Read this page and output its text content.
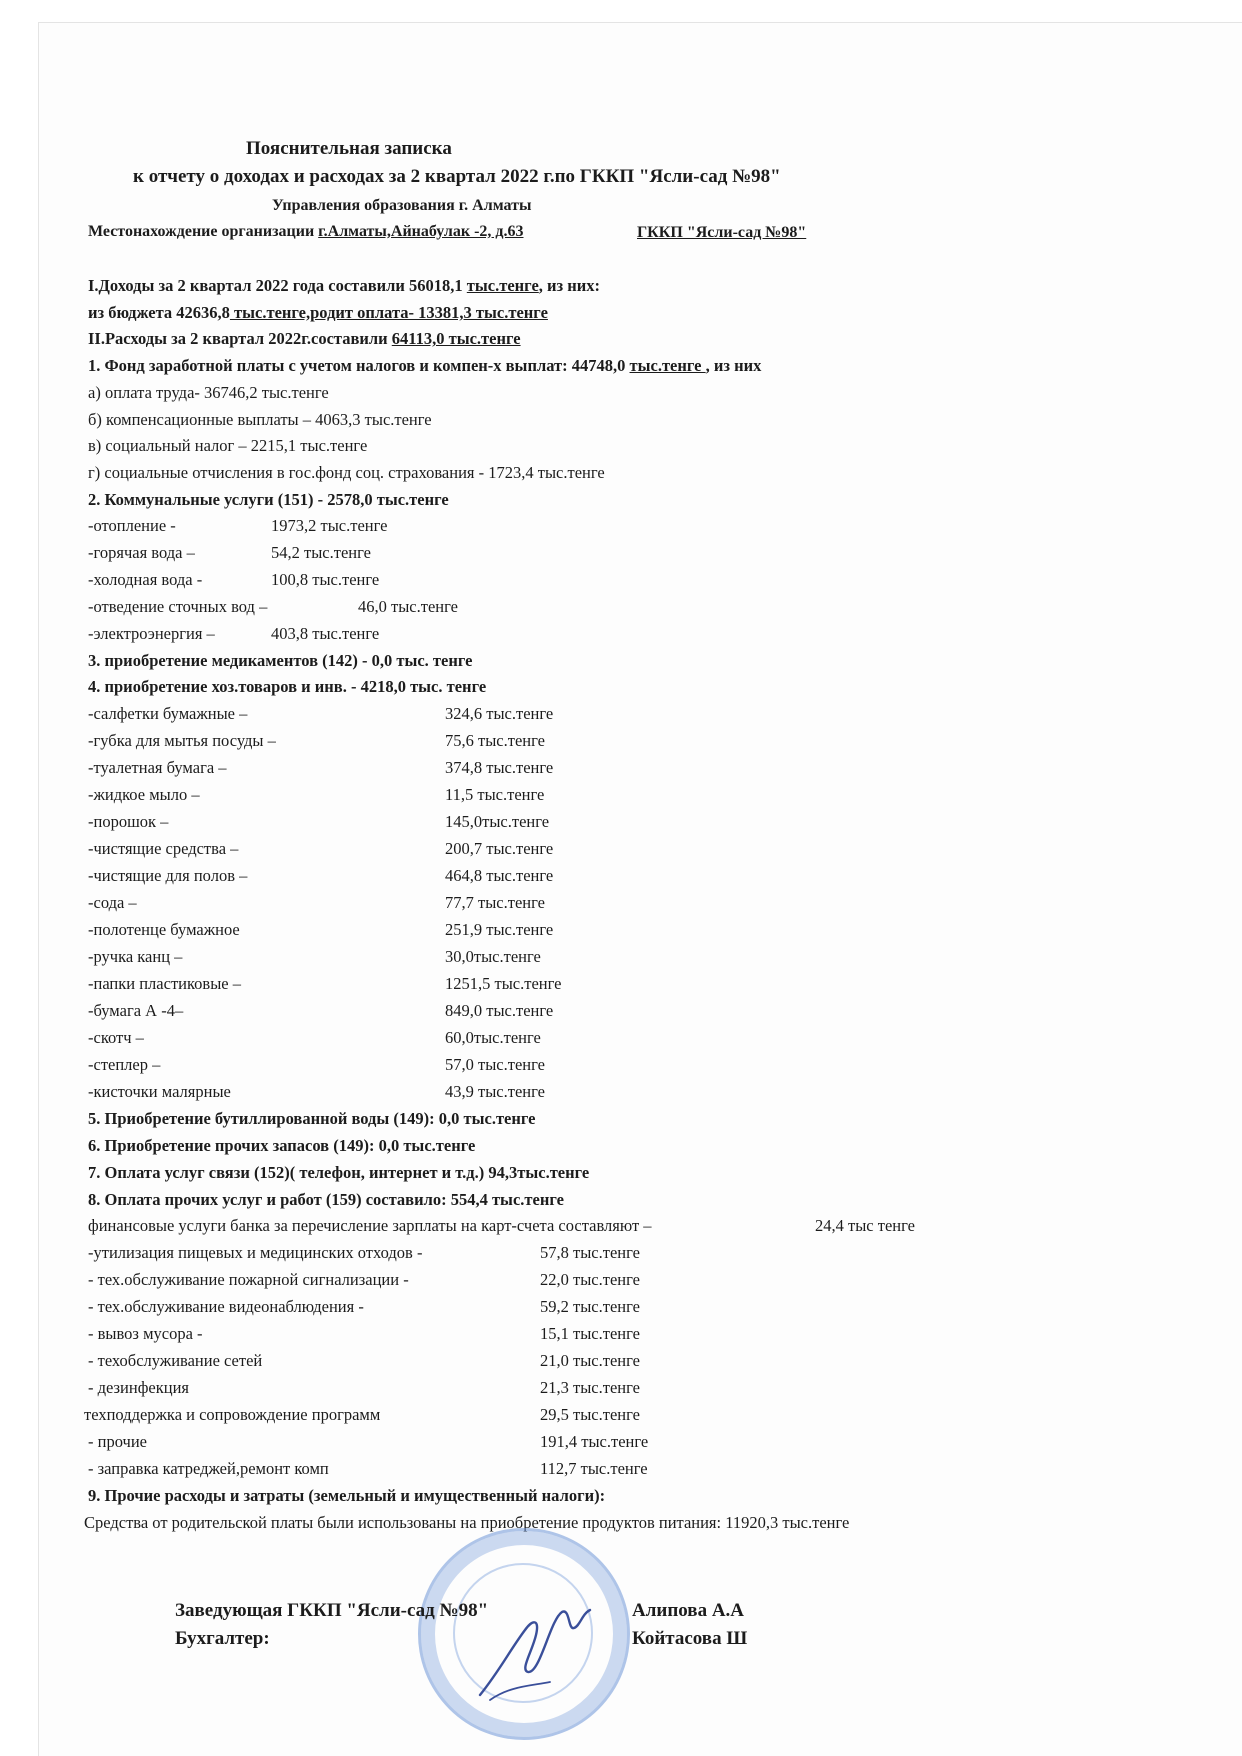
Пояснительная записка
к отчету о доходах и расходах за 2 квартал 2022 г.по ГККП "Ясли-сад №98"
Управления образования г. Алматы
Местонахождение организации г.Алматы,Айнабулак -2, д.63	ГККП "Ясли-сад №98"
I.Доходы за 2 квартал 2022 года составили 56018,1 тыс.тенге, из них:
из бюджета 42636,8 тыс.тенге,родит оплата- 13381,3 тыс.тенге
II.Расходы за 2 квартал 2022г.составили 64113,0 тыс.тенге
1. Фонд заработной платы с учетом налогов и компен-х выплат: 44748,0 тыс.тенге , из них
а) оплата труда- 36746,2 тыс.тенге
б) компенсационные выплаты – 4063,3 тыс.тенге
в) социальный налог – 2215,1 тыс.тенге
г) социальные отчисления в гос.фонд соц. страхования - 1723,4 тыс.тенге
2. Коммунальные услуги (151) - 2578,0 тыс.тенге
-отопление -	1973,2 тыс.тенге
-горячая вода –	54,2 тыс.тенге
-холодная вода -	100,8 тыс.тенге
-отведение сточных вод –	46,0 тыс.тенге
-электроэнергия –	403,8 тыс.тенге
3. приобретение медикаментов (142) - 0,0 тыс. тенге
4. приобретение хоз.товаров и инв. - 4218,0 тыс. тенге
-салфетки бумажные –	324,6 тыс.тенге
-губка для мытья посуды –	75,6 тыс.тенге
-туалетная бумага –	374,8 тыс.тенге
-жидкое мыло –	11,5 тыс.тенге
-порошок –	145,0тыс.тенге
-чистящие средства –	200,7 тыс.тенге
-чистящие для полов –	464,8 тыс.тенге
-сода –	77,7 тыс.тенге
-полотенце бумажное	251,9 тыс.тенге
-ручка канц –	30,0тыс.тенге
-папки пластиковые –	1251,5 тыс.тенге
-бумага А -4–	849,0 тыс.тенге
-скотч –	60,0тыс.тенге
-степлер –	57,0 тыс.тенге
-кисточки малярные	43,9 тыс.тенге
5. Приобретение бутиллированной воды (149): 0,0 тыс.тенге
6. Приобретение прочих запасов (149): 0,0 тыс.тенге
7. Оплата услуг связи (152)( телефон, интернет и т.д.) 94,3тыс.тенге
8. Оплата прочих услуг и работ (159) составило: 554,4 тыс.тенге
финансовые услуги банка за перечисление зарплаты на карт-счета составляют –	24,4 тыс тенге
-утилизация пищевых и медицинских отходов -	57,8 тыс.тенге
- тех.обслуживание пожарной сигнализации -	22,0 тыс.тенге
- тех.обслуживание видеонаблюдения -	59,2 тыс.тенге
- вывоз мусора -	15,1 тыс.тенге
- техобслуживание сетей	21,0 тыс.тенге
- дезинфекция	21,3 тыс.тенге
техподдержка и сопровождение программ	29,5 тыс.тенге
- прочие	191,4 тыс.тенге
- заправка катреджей,ремонт комп	112,7 тыс.тенге
9. Прочие расходы и затраты (земельный и имущественный налоги):
Средства от родительской платы были использованы на приобретение продуктов питания: 11920,3 тыс.тенге
Заведующая ГККП "Ясли-сад №98"	Алипова А.А
Бухгалтер:	Койтасова Ш
